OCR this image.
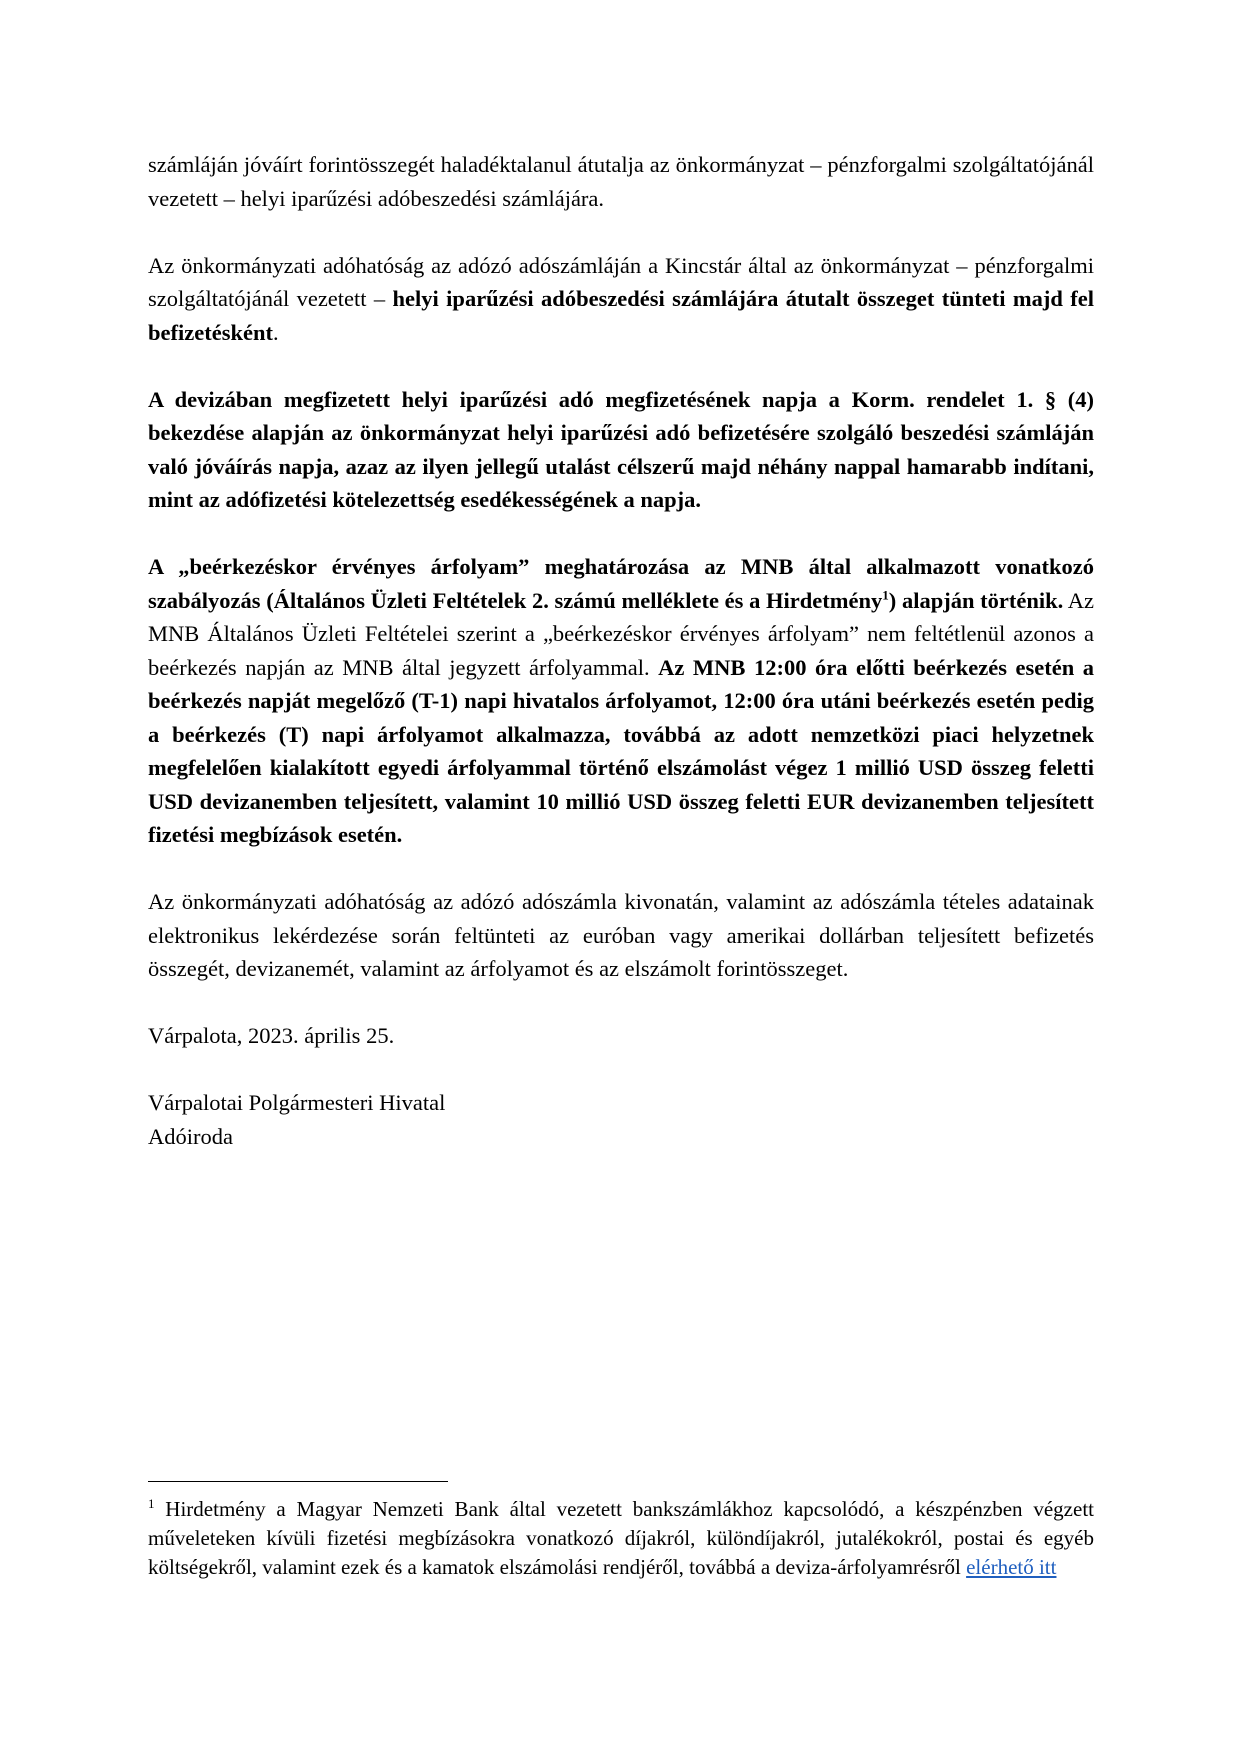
számláján jóváírt forintösszegét haladéktalanul átutalja az önkormányzat – pénzforgalmi szolgáltatójánál vezetett – helyi iparűzési adóbeszedési számlájára.

Az önkormányzati adóhatóság az adózó adószámláján a Kincstár által az önkormányzat – pénzforgalmi szolgáltatójánál vezetett – helyi iparűzési adóbeszedési számlájára átutalt összeget tünteti majd fel befizetésként.

A devizában megfizetett helyi iparűzési adó megfizetésének napja a Korm. rendelet 1. § (4) bekezdése alapján az önkormányzat helyi iparűzési adó befizetésére szolgáló beszedési számláján való jóváírás napja, azaz az ilyen jellegű utalást célszerű majd néhány nappal hamarabb indítani, mint az adófizetési kötelezettség esedékességének a napja.

A „beérkezéskor érvényes árfolyam” meghatározása az MNB által alkalmazott vonatkozó szabályozás (Általános Üzleti Feltételek 2. számú melléklete és a Hirdetmény$^1$) alapján történik. Az MNB Általános Üzleti Feltételei szerint a „beérkezéskor érvényes árfolyam” nem feltétlenül azonos a beérkezés napján az MNB által jegyzett árfolyammal. Az MNB 12:00 óra előtti beérkezés esetén a beérkezés napját megelőző (T-1) napi hivatalos árfolyamot, 12:00 óra utáni beérkezés esetén pedig a beérkezés (T) napi árfolyamot alkalmazza, továbbá az adott nemzetközi piaci helyzetnek megfelelően kialakított egyedi árfolyammal történő elszámolást végez 1 millió USD összeg feletti USD devizanemben teljesített, valamint 10 millió USD összeg feletti EUR devizanemben teljesített fizetési megbízások esetén.

Az önkormányzati adóhatóság az adózó adószámla kivonatán, valamint az adószámla tételes adatainak elektronikus lekérdezése során feltünteti az euróban vagy amerikai dollárban teljesített befizetés összegét, devizanemét, valamint az árfolyamot és az elszámolt forintösszeget.

Várpalota, 2023. április 25.

Várpalotai Polgármesteri Hivatal
Adóiroda

$^1$ Hirdetmény a Magyar Nemzeti Bank által vezetett bankszámlákhoz kapcsolódó, a készpénzben végzett műveleteken kívüli fizetési megbízásokra vonatkozó díjakról, különdíjakról, jutalékokról, postai és egyéb költségekről, valamint ezek és a kamatok elszámolási rendjéről, továbbá a deviza-árfolyamrésről elérhető itt
